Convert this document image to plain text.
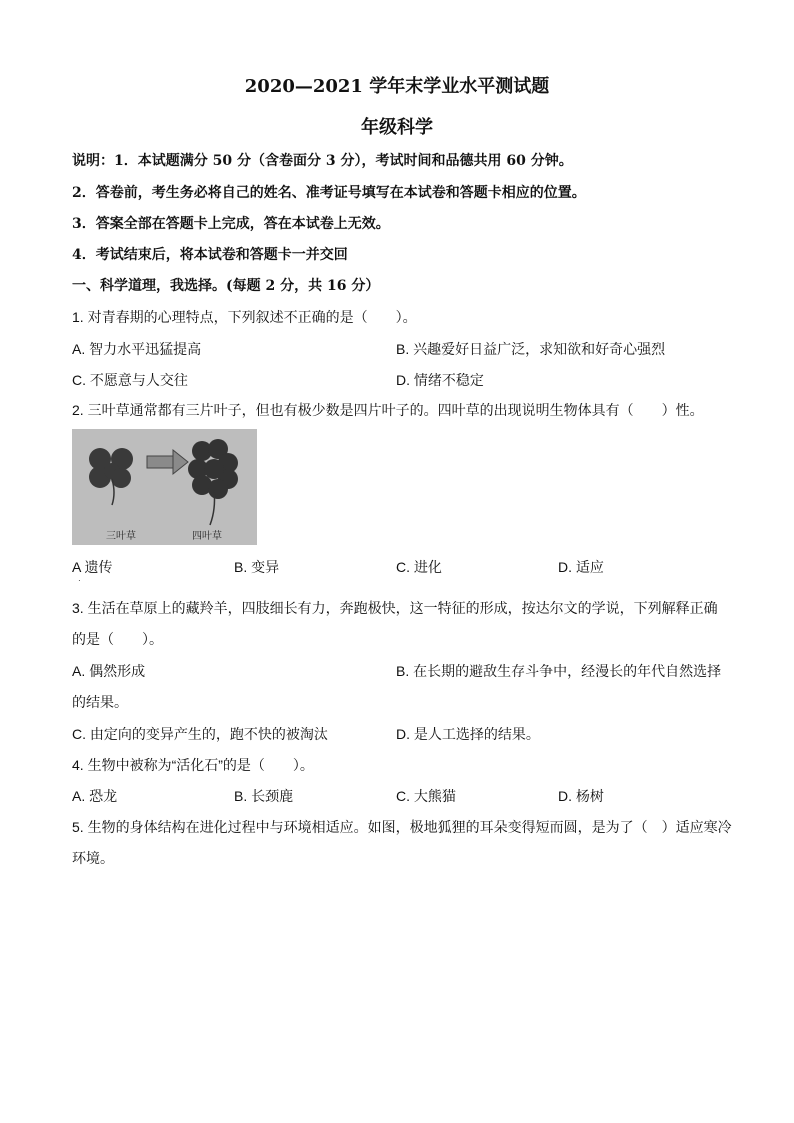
2020—2021 学年末学业水平测试题
年级科学
说明：1．本试题满分 50 分（含卷面分 3 分），考试时间和品德共用 60 分钟。
2．答卷前，考生务必将自己的姓名、准考证号填写在本试卷和答题卡相应的位置。
3．答案全部在答题卡上完成，答在本试卷上无效。
4．考试结束后，将本试卷和答题卡一并交回
一、科学道理，我选择。(每题 2 分，共 16 分）
1. 对青春期的心理特点，下列叙述不正确的是（　　）。
A. 智力水平迅猛提高	B. 兴趣爱好日益广泛，求知欲和好奇心强烈
C. 不愿意与人交往	D. 情绪不稳定
2. 三叶草通常都有三片叶子，但也有极少数是四片叶子的。四叶草的出现说明生物体具有（　　）性。
三叶草	四叶草
A 遗传	B. 变异	C. 进化	D. 适应
·
3. 生活在草原上的藏羚羊，四肢细长有力，奔跑极快，这一特征的形成，按达尔文的学说，下列解释正确
的是（　　）。
A. 偶然形成	B. 在长期的避敌生存斗争中，经漫长的年代自然选择
的结果。
C. 由定向的变异产生的，跑不快的被淘汰	D. 是人工选择的结果。
4. 生物中被称为“活化石”的是（　　）。
A. 恐龙	B. 长颈鹿	C. 大熊猫	D. 杨树
5. 生物的身体结构在进化过程中与环境相适应。如图，极地狐狸的耳朵变得短而圆，是为了（　）适应寒冷
环境。
